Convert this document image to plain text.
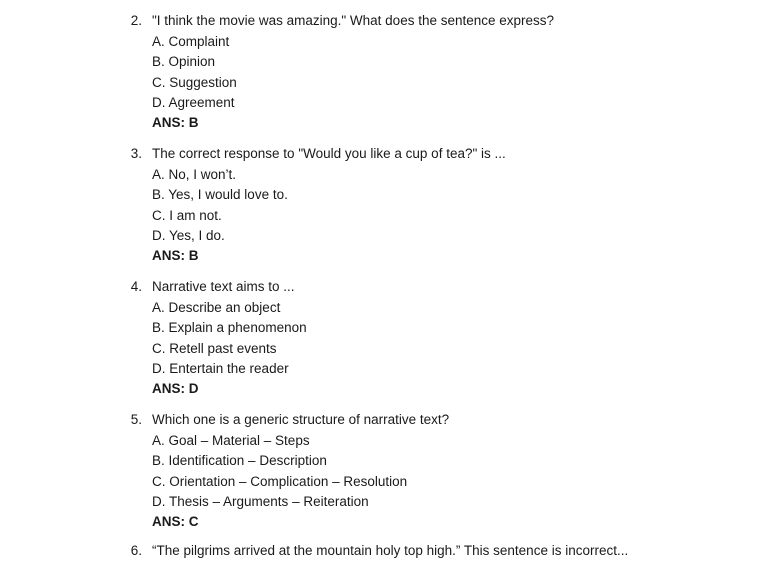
2. "I think the movie was amazing." What does the sentence express?
A. Complaint
B. Opinion
C. Suggestion
D. Agreement
ANS: B
3. The correct response to "Would you like a cup of tea?" is ...
A. No, I won’t.
B. Yes, I would love to.
C. I am not.
D. Yes, I do.
ANS: B
4. Narrative text aims to ...
A. Describe an object
B. Explain a phenomenon
C. Retell past events
D. Entertain the reader
ANS: D
5. Which one is a generic structure of narrative text?
A. Goal – Material – Steps
B. Identification – Description
C. Orientation – Complication – Resolution
D. Thesis – Arguments – Reiteration
ANS: C
6. “The pilgrims arrived at the mountain holy top high.” This sentence is incorrect...
